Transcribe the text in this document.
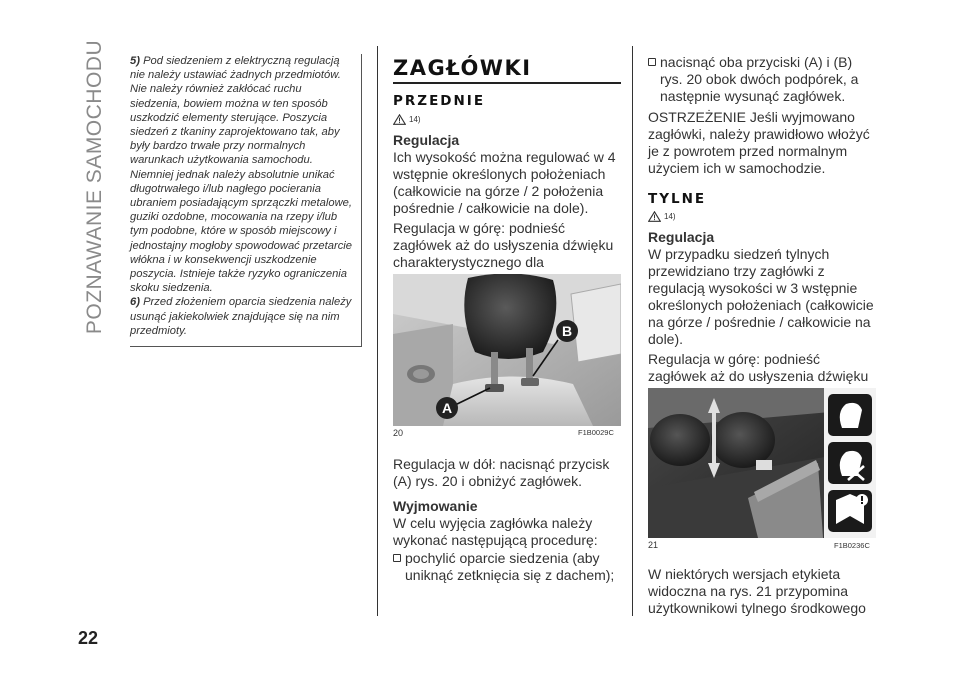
POZNAWANIE SAMOCHODU
22

5) Pod siedzeniem z elektryczną regulacją nie należy ustawiać żadnych przedmiotów. Nie należy również zakłócać ruchu siedzenia, bowiem można w ten sposób uszkodzić elementy sterujące. Poszycia siedzeń z tkaniny zaprojektowano tak, aby były bardzo trwałe przy normalnych warunkach użytkowania samochodu. Niemniej jednak należy absolutnie unikać długotrwałego i/lub nagłego pocierania ubraniem posiadającym sprzączki metalowe, guziki ozdobne, mocowania na rzepy i/lub tym podobne, które w sposób miejscowy i jednostajny mogłoby spowodować przetarcie włókna i w konsekwencji uszkodzenie poszycia. Istnieje także ryzyko ograniczenia skoku siedzenia.

6) Przed złożeniem oparcia siedzenia należy usunąć jakiekolwiek znajdujące się na nim przedmioty.

ZAGŁÓWKI
PRZEDNIE
14)
Regulacja

Ich wysokość można regulować w 4 wstępnie określonych położeniach (całkowicie na górze / 2 położenia pośrednie / całkowicie na dole).

Regulacja w górę: podnieść zagłówek aż do usłyszenia dźwięku charakterystycznego dla

A
B
20	F1B0029C

Regulacja w dół: nacisnąć przycisk (A) rys. 20 i obniżyć zagłówek.

Wyjmowanie

W celu wyjęcia zagłówka należy wykonać następującą procedurę:

pochylić oparcie siedzenia (aby uniknąć zetknięcia się z dachem);
nacisnąć oba przyciski (A) i (B) rys. 20 obok dwóch podpórek, a następnie wysunąć zagłówek.

OSTRZEŻENIE Jeśli wyjmowano zagłówki, należy prawidłowo włożyć je z powrotem przed normalnym użyciem ich w samochodzie.

TYLNE
14)
Regulacja

W przypadku siedzeń tylnych przewidziano trzy zagłówki z regulacją wysokości w 3 wstępnie określonych położeniach (całkowicie na górze / pośrednie / całkowicie na dole).

Regulacja w górę: podnieść zagłówek aż do usłyszenia dźwięku

21	F1B0236C

W niektórych wersjach etykieta widoczna na rys. 21 przypomina użytkownikowi tylnego środkowego
